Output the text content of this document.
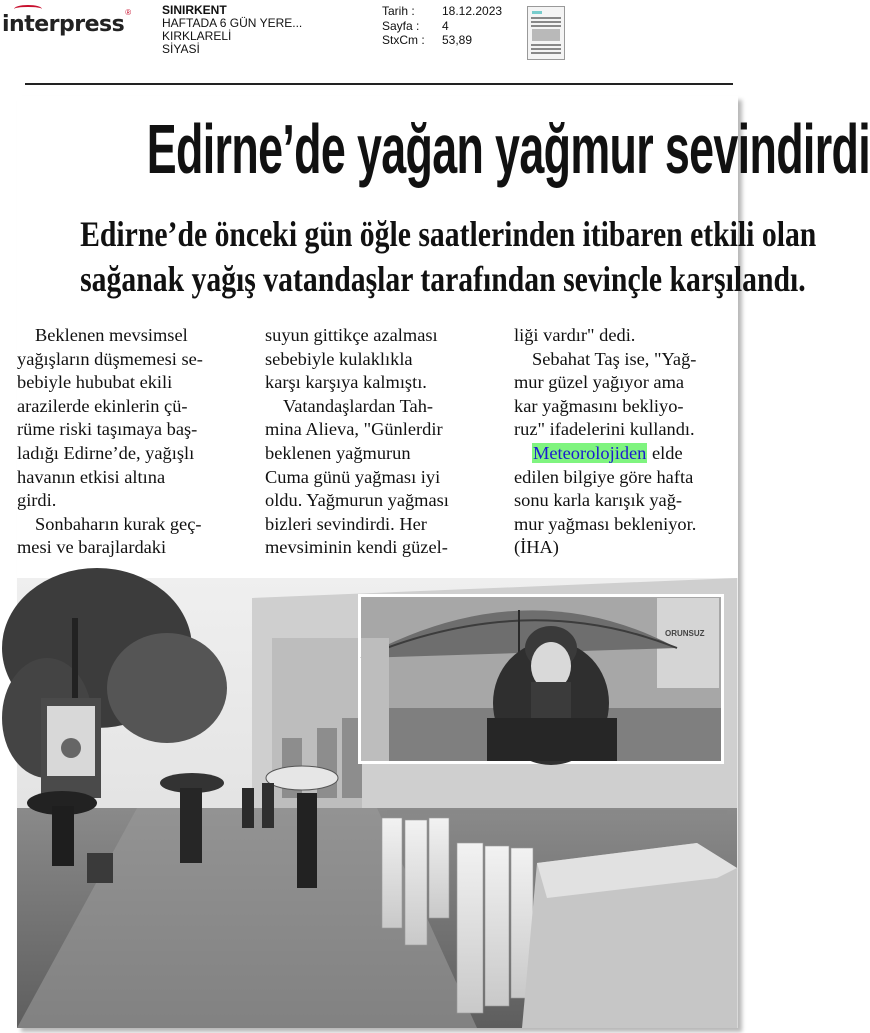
interpress ®	SINIRKENT
HAFTADA 6 GÜN YERE...
KIRKLARELİ
SİYASİ
Tarih :	18.12.2023
Sayfa :	4
StxCm :	53,89
Edirne’de yağan yağmur sevindirdi
Edirne’de önceki gün öğle saatlerinden itibaren etkili olan
sağanak yağış vatandaşlar tarafından sevinçle karşılandı.
Beklenen mevsimsel
yağışların düşmemesi se-
bebiyle hububat ekili
arazilerde ekinlerin çü-
rüme riski taşımaya baş-
ladığı Edirne’de, yağışlı
havanın etkisi altına
girdi.
Sonbaharın kurak geç-
mesi ve barajlardaki
suyun gittikçe azalması
sebebiyle kulaklıkla
karşı karşıya kalmıştı.
Vatandaşlardan Tah-
mina Alieva, "Günlerdir
beklenen yağmurun
Cuma günü yağması iyi
oldu. Yağmurun yağması
bizleri sevindirdi. Her
mevsiminin kendi güzel-
liği vardır" dedi.
Sebahat Taş ise, "Yağ-
mur güzel yağıyor ama
kar yağmasını bekliyo-
ruz" ifadelerini kullandı.
Meteorolojiden elde
edilen bilgiye göre hafta
sonu karla karışık yağ-
mur yağması bekleniyor.
(İHA)
ORUNSUZ
